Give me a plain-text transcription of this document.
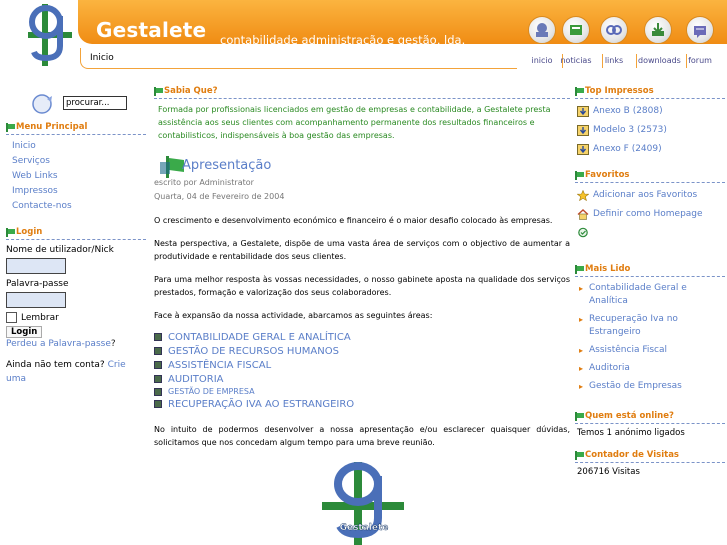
Gestalete contabilidade administração e gestão, lda.
Inicio	inicio noticias	links	downloads forum
procurar...
Menu Principal
Inicio
Serviços
Web Links
Impressos
Contacte-nos
Login
Nome de utilizador/Nick
Palavra-passe
Lembrar
Login
Perdeu a Palavra-passe?
Ainda não tem conta? Crie uma
Sabia Que?
Formada por profissionais licenciados em gestão de empresas e contabilidade, a Gestalete presta assistência aos seus clientes com acompanhamento permanente dos resultados financeiros e contabilisticos, indispensáveis à boa gestão das empresas.
Apresentação
escrito por Administrator
Quarta, 04 de Fevereiro de 2004

O crescimento e desenvolvimento económico e financeiro é o maior desafio colocado às empresas.

Nesta perspectiva, a Gestalete, dispõe de uma vasta área de serviços com o objectivo de aumentar a produtividade e rentabilidade dos seus clientes.

Para uma melhor resposta às vossas necessidades, o nosso gabinete aposta na qualidade dos serviços prestados, formação e valorização dos seus colaboradores.

Face à expansão da nossa actividade, abarcamos as seguintes áreas:

CONTABILIDADE GERAL E ANALÍTICA
GESTÃO DE RECURSOS HUMANOS
ASSISTÊNCIA FISCAL
AUDITORIA
GESTÃO DE EMPRESA
RECUPERAÇÃO IVA AO ESTRANGEIRO

No intuito de podermos desenvolver a nossa apresentação e/ou esclarecer quaisquer dúvidas, solicitamos que nos concedam algum tempo para uma breve reunião.

Gestalete
Top Impressos
Anexo B (2808)
Modelo 3 (2573)
Anexo F (2409)
Favoritos
Adicionar aos Favoritos
Definir como Homepage
Mais Lido
▸ Contabilidade Geral e Analítica
▸ Recuperação Iva no Estrangeiro
▸ Assistência Fiscal
▸ Auditoria
▸ Gestão de Empresas
Quem está online?
Temos 1 anónimo ligados
Contador de Visitas
206716 Visitas
